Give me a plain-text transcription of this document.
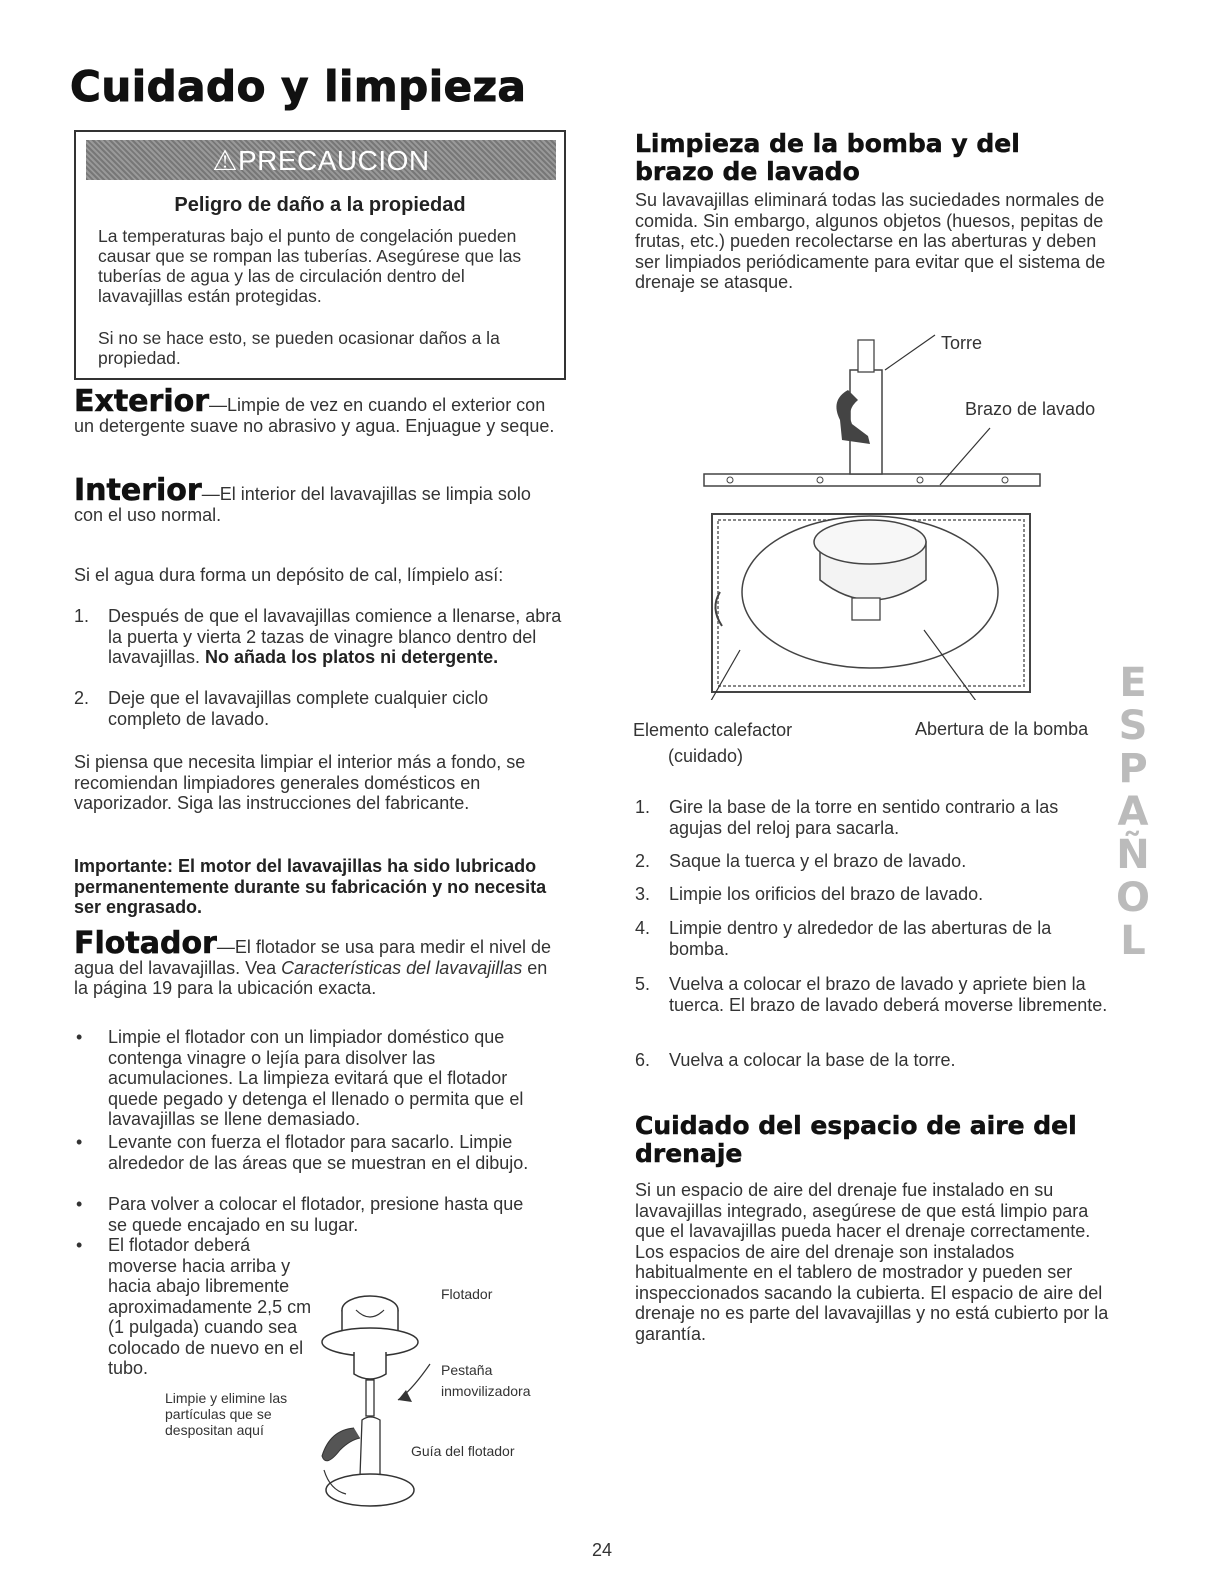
Cuidado y limpieza
⚠PRECAUCION
Peligro de daño a la propiedad
La temperaturas bajo el punto de congelación pueden causar que se rompan las tuberías. Asegúrese que las tuberías de agua y las de circulación dentro del lavavajillas están protegidas.
Si no se hace esto, se pueden ocasionar daños a la propiedad.
Exterior—Limpie de vez en cuando el exterior con un detergente suave no abrasivo y agua. Enjuague y seque.
Interior—El interior del lavavajillas se limpia solo con el uso normal.
Si el agua dura forma un depósito de cal, límpielo así:
1. Después de que el lavavajillas comience a llenarse, abra la puerta y vierta 2 tazas de vinagre blanco dentro del lavavajillas. No añada los platos ni detergente.
2. Deje que el lavavajillas complete cualquier ciclo completo de lavado.
Si piensa que necesita limpiar el interior más a fondo, se recomiendan limpiadores generales domésticos en vaporizador. Siga las instrucciones del fabricante.
Importante: El motor del lavavajillas ha sido lubricado permanentemente durante su fabricación y no necesita ser engrasado.
Flotador—El flotador se usa para medir el nivel de agua del lavavajillas. Vea Características del lavavajillas en la página 19 para la ubicación exacta.
• Limpie el flotador con un limpiador doméstico que contenga vinagre o lejía para disolver las acumulaciones. La limpieza evitará que el flotador quede pegado y detenga el llenado o permita que el lavavajillas se llene demasiado.
• Levante con fuerza el flotador para sacarlo. Limpie alrededor de las áreas que se muestran en el dibujo.
• Para volver a colocar el flotador, presione hasta que se quede encajado en su lugar.
• El flotador deberá moverse hacia arriba y hacia abajo libremente aproximadamente 2,5 cm (1 pulgada) cuando sea colocado de nuevo en el tubo.
Flotador
Pestaña
inmovilizadora
Limpie y elimine las partículas que se despositan aquí
Guía del flotador
Limpieza de la bomba y del brazo de lavado
Su lavavajillas eliminará todas las suciedades normales de comida. Sin embargo, algunos objetos (huesos, pepitas de frutas, etc.) pueden recolectarse en las aberturas y deben ser limpiados periódicamente para evitar que el sistema de drenaje se atasque.
Torre
Brazo de lavado
Elemento calefactor
(cuidado)
Abertura de la bomba
1. Gire la base de la torre en sentido contrario a las agujas del reloj para sacarla.
2. Saque la tuerca y el brazo de lavado.
3. Limpie los orificios del brazo de lavado.
4. Limpie dentro y alrededor de las aberturas de la bomba.
5. Vuelva a colocar el brazo de lavado y apriete bien la tuerca. El brazo de lavado deberá moverse libremente.
6. Vuelva a colocar la base de la torre.
Cuidado del espacio de aire del drenaje
Si un espacio de aire del drenaje fue instalado en su lavavajillas integrado, asegúrese de que está limpio para que el lavavajillas pueda hacer el drenaje correctamente. Los espacios de aire del drenaje son instalados habitualmente en el tablero de mostrador y pueden ser inspeccionados sacando la cubierta. El espacio de aire del drenaje no es parte del lavavajillas y no está cubierto por la garantía.
ESPAÑOL
24
